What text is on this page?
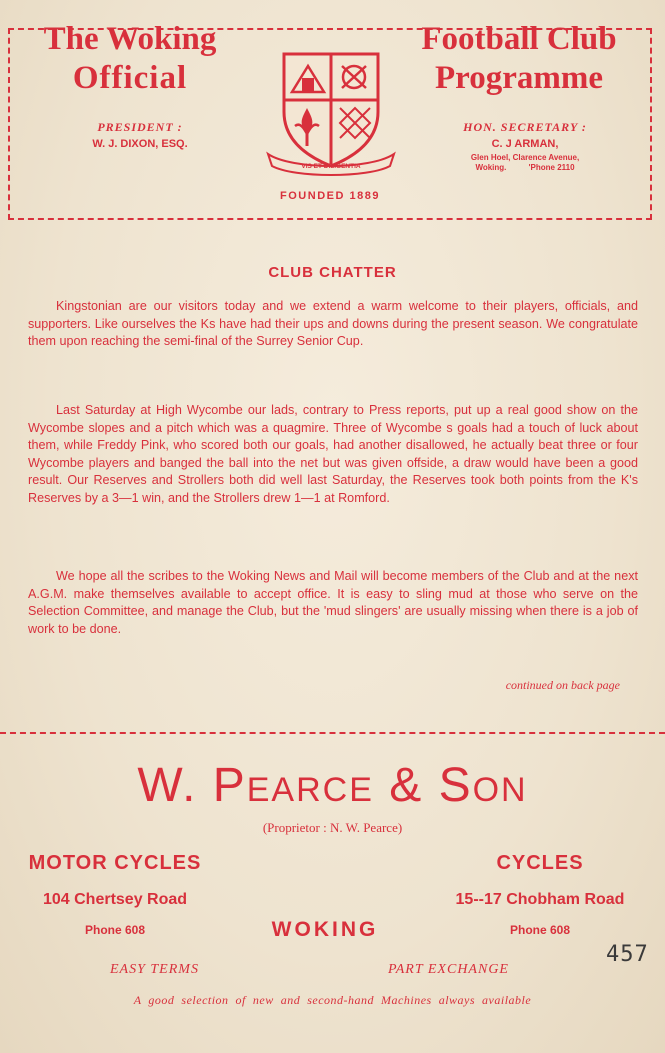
The Woking
Official
Football Club
Programme
PRESIDENT :
W. J. DIXON, ESQ.
HON. SECRETARY :
C. J ARMAN,
Glen Hoel, Clarence Avenue,
Woking.          'Phone 2110
VIS ET DILIGENTIA
FOUNDED 1889
CLUB CHATTER
Kingstonian are our visitors today and we extend a warm welcome to their players, officials, and supporters. Like ourselves the Ks have had their ups and downs during the present season. We congratulate them upon reaching the semi-final of the Surrey Senior Cup.
Last Saturday at High Wycombe our lads, contrary to Press reports, put up a real good show on the Wycombe slopes and a pitch which was a quagmire. Three of Wycombe s goals had a touch of luck about them, while Freddy Pink, who scored both our goals, had another disallowed, he actually beat three or four Wycombe players and banged the ball into the net but was given offside, a draw would have been a good result. Our Reserves and Strollers both did well last Saturday, the Reserves took both points from the K's Reserves by a 3—1 win, and the Strollers drew 1—1 at Romford.
We hope all the scribes to the Woking News and Mail will become members of the Club and at the next A.G.M. make themselves available to accept office. It is easy to sling mud at those who serve on the Selection Committee, and manage the Club, but the 'mud slingers' are usually missing when there is a job of work to be done.
continued on back page
W. Pearce & Son
(Proprietor : N. W. Pearce)
MOTOR CYCLES
104 Chertsey Road
Phone 608
CYCLES
15--17 Chobham Road
Phone 608
WOKING
EASY TERMS	PART EXCHANGE
A  good  selection  of  new  and  second-hand  Machines  always  available
457
